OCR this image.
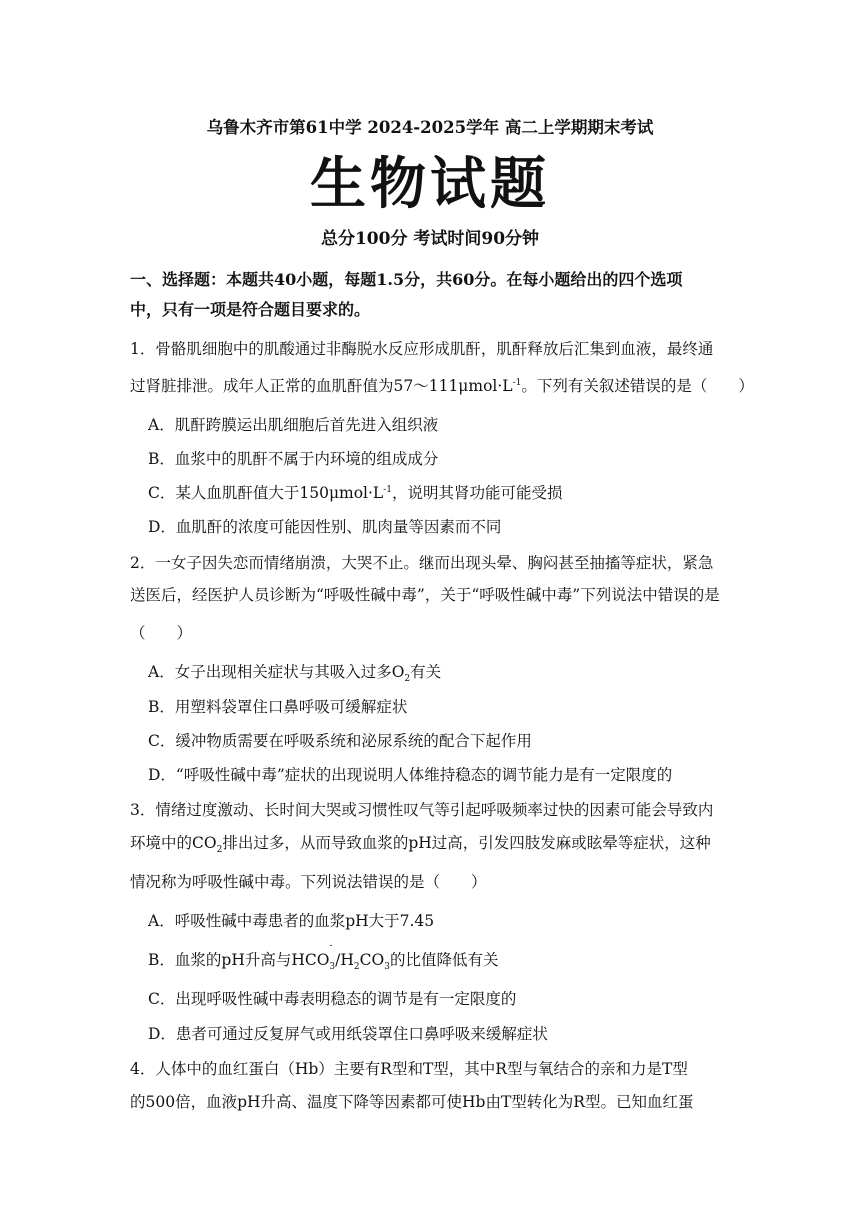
乌鲁木齐市第61中学 2024-2025学年 高二上学期期末考试
生物试题
总分100分 考试时间90分钟
一、选择题：本题共40小题，每题1.5分，共60分。在每小题给出的四个选项
中，只有一项是符合题目要求的。
1．骨骼肌细胞中的肌酸通过非酶脱水反应形成肌酐，肌酐释放后汇集到血液，最终通
过肾脏排泄。成年人正常的血肌酐值为$57\sim 111\mu mol\cdot L^{-1}$。下列有关叙述错误的是（　　）
A．肌酐跨膜运出肌细胞后首先进入组织液
B．血浆中的肌酐不属于内环境的组成成分
C．某人血肌酐值大于$150\mu mol\cdot L^{-1}$，说明其肾功能可能受损
D．血肌酐的浓度可能因性别、肌肉量等因素而不同
2．一女子因失恋而情绪崩溃，大哭不止。继而出现头晕、胸闷甚至抽搐等症状，紧急
送医后，经医护人员诊断为“呼吸性碱中毒”，关于“呼吸性碱中毒”下列说法中错误的是
（　　）
A．女子出现相关症状与其吸入过多$O_2$有关
B．用塑料袋罩住口鼻呼吸可缓解症状
C．缓冲物质需要在呼吸系统和泌尿系统的配合下起作用
D．“呼吸性碱中毒”症状的出现说明人体维持稳态的调节能力是有一定限度的
3．情绪过度激动、长时间大哭或习惯性叹气等引起呼吸频率过快的因素可能会导致内
环境中的$CO_2$排出过多，从而导致血浆的pH过高，引发四肢发麻或眩晕等症状，这种
情况称为呼吸性碱中毒。下列说法错误的是（　　）
A．呼吸性碱中毒患者的血浆pH大于7.45
B．血浆的pH升高与HCO
-
$_3/H_2CO_3$的比值降低有关
C．出现呼吸性碱中毒表明稳态的调节是有一定限度的
D．患者可通过反复屏气或用纸袋罩住口鼻呼吸来缓解症状
4．人体中的血红蛋白（Hb）主要有R型和T型，其中R型与氧结合的亲和力是T型
的500倍，血液pH升高、温度下降等因素都可使Hb由T型转化为R型。已知血红蛋
